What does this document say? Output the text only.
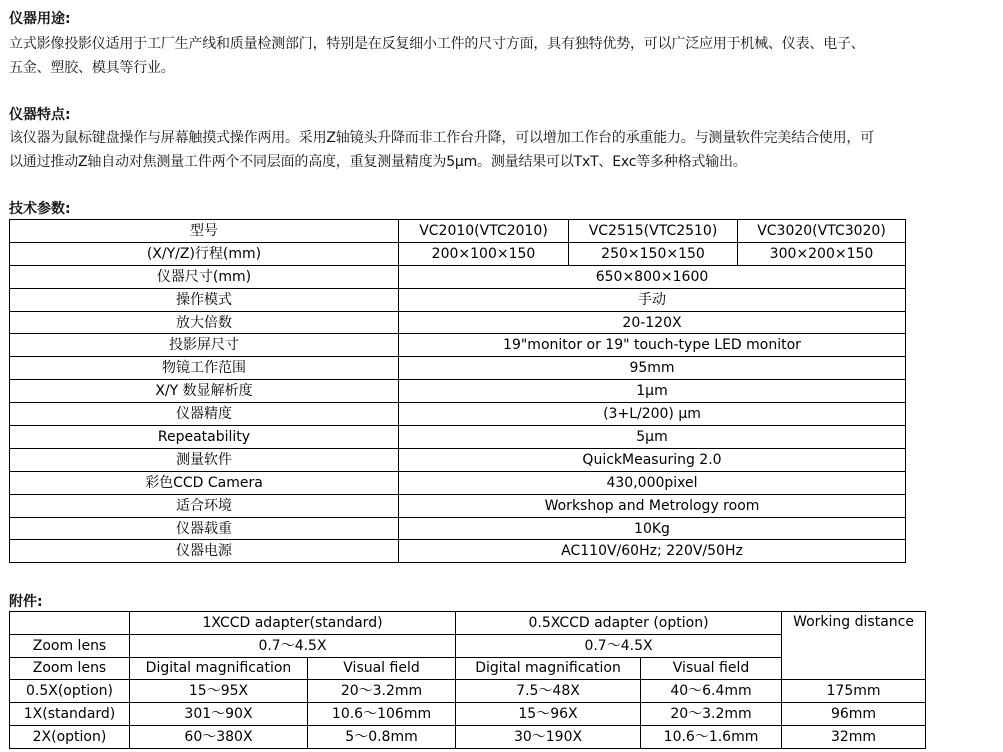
仪器用途:
立式影像投影仪适用于工厂生产线和质量检测部门，特别是在反复细小工件的尺寸方面，具有独特优势，可以广泛应用于机械、仪表、电子、
五金、塑胶、模具等行业。
仪器特点:
该仪器为鼠标键盘操作与屏幕触摸式操作两用。采用Z轴镜头升降而非工作台升降，可以增加工作台的承重能力。与测量软件完美结合使用，可
以通过推动Z轴自动对焦测量工件两个不同层面的高度，重复测量精度为5μm。测量结果可以TxT、Exc等多种格式输出。
技术参数:
型号	VC2010(VTC2010)	VC2515(VTC2510)	VC3020(VTC3020)
(X/Y/Z)行程(mm)	200×100×150	250×150×150	300×200×150
仪器尺寸(mm)	650×800×1600		
操作模式	手动		
放大倍数	20-120X		
投影屏尺寸	19"monitor or 19" touch-type LED monitor		
物镜工作范围	95mm		
X/Y 数显解析度	1μm		
仪器精度	(3+L/200) μm		
Repeatability	5μm		
测量软件	QuickMeasuring 2.0		
彩色CCD Camera	430,000pixel		
适合环境	Workshop and Metrology room		
仪器载重	10Kg		
仪器电源	AC110V/60Hz; 220V/50Hz		
附件:
	1XCCD adapter(standard)		0.5XCCD adapter (option)		Working distance
Zoom lens	0.7～4.5X		0.7～4.5X		
Zoom lens	Digital magnification	Visual field	Digital magnification	Visual field	
0.5X(option)	15～95X	20～3.2mm	7.5～48X	40～6.4mm	175mm
1X(standard)	301～90X	10.6～106mm	15～96X	20～3.2mm	96mm
2X(option)	60～380X	5～0.8mm	30～190X	10.6～1.6mm	32mm
